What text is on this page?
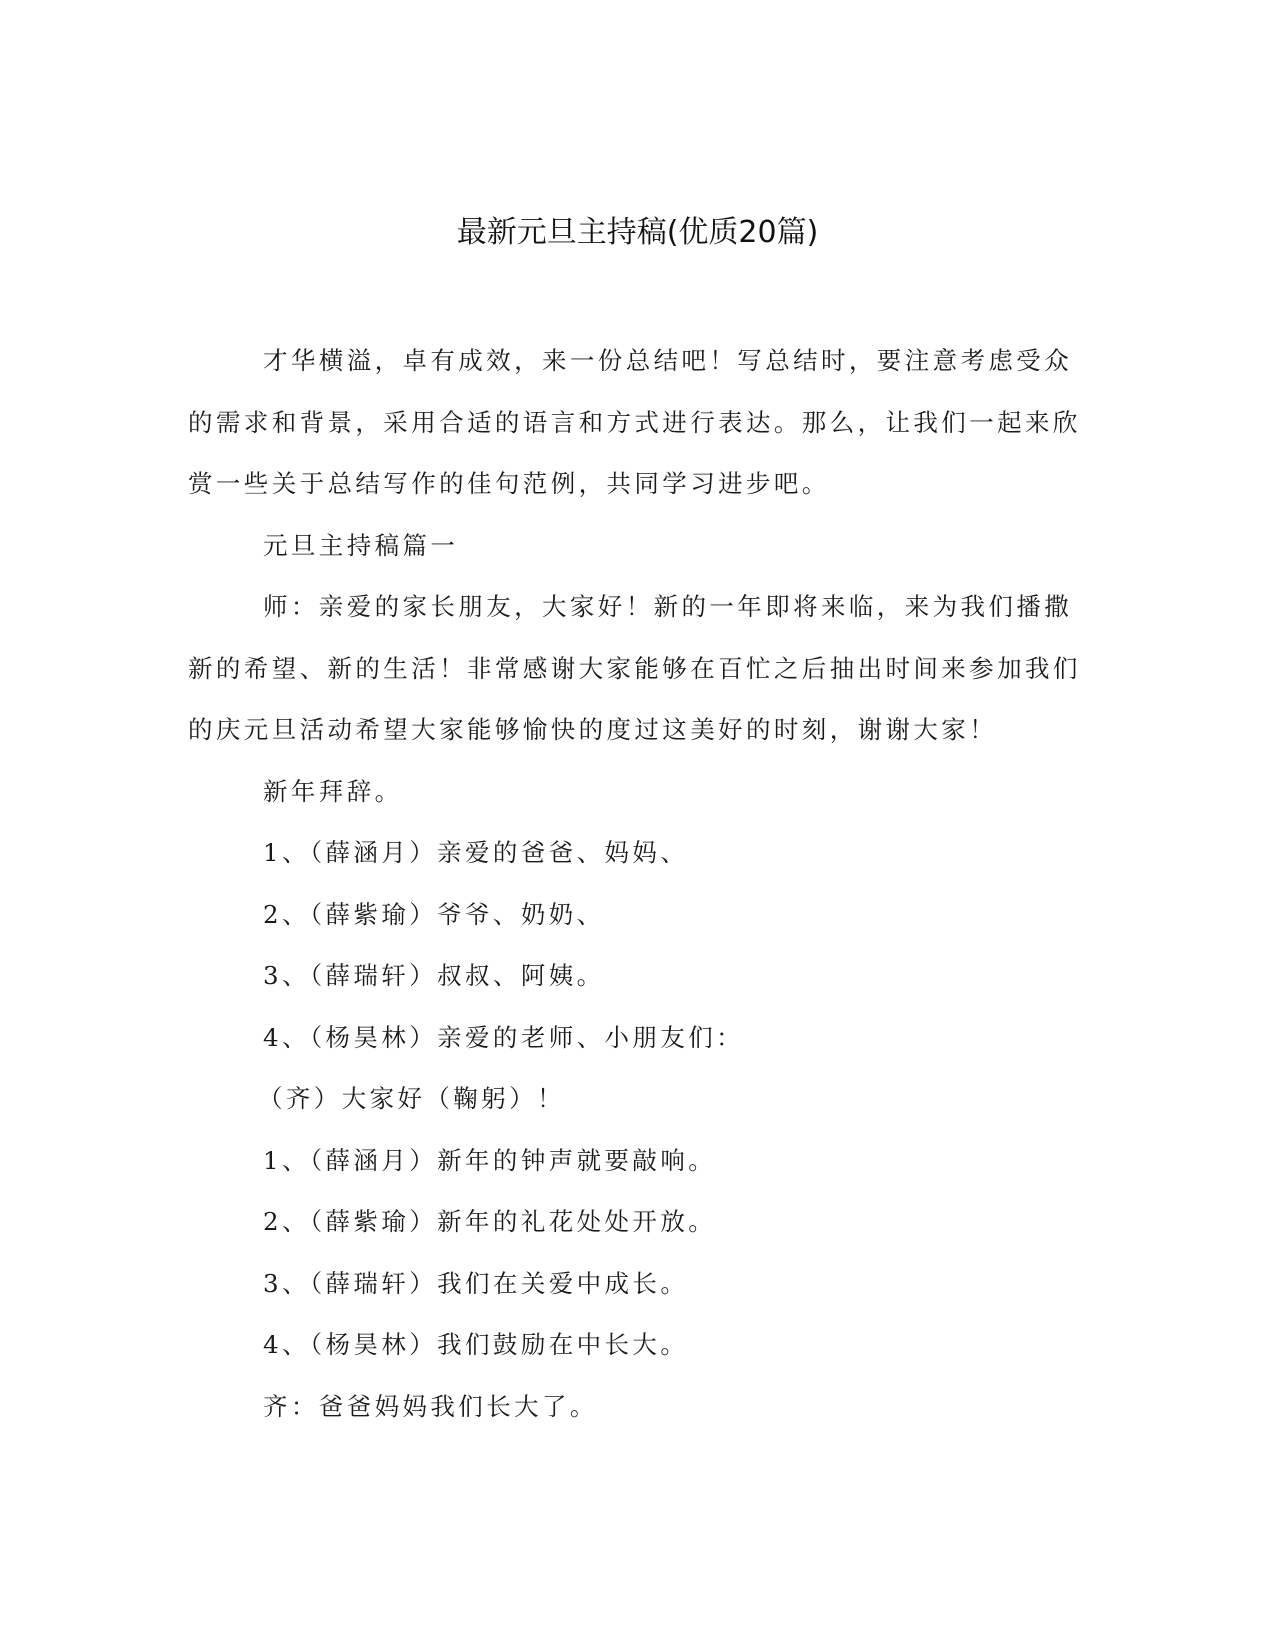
最新元旦主持稿(优质20篇)

才华横溢，卓有成效，来一份总结吧！写总结时，要注意考虑受众的需求和背景，采用合适的语言和方式进行表达。那么，让我们一起来欣赏一些关于总结写作的佳句范例，共同学习进步吧。

元旦主持稿篇一

师：亲爱的家长朋友，大家好！新的一年即将来临，来为我们播撒新的希望、新的生活！非常感谢大家能够在百忙之后抽出时间来参加我们的庆元旦活动希望大家能够愉快的度过这美好的时刻，谢谢大家！

新年拜辞。

1、（薛涵月）亲爱的爸爸、妈妈、

2、（薛紫瑜）爷爷、奶奶、

3、（薛瑞轩）叔叔、阿姨。

4、（杨昊林）亲爱的老师、小朋友们：

（齐）大家好（鞠躬）！

1、（薛涵月）新年的钟声就要敲响。

2、（薛紫瑜）新年的礼花处处开放。

3、（薛瑞轩）我们在关爱中成长。

4、（杨昊林）我们鼓励在中长大。

齐：爸爸妈妈我们长大了。
